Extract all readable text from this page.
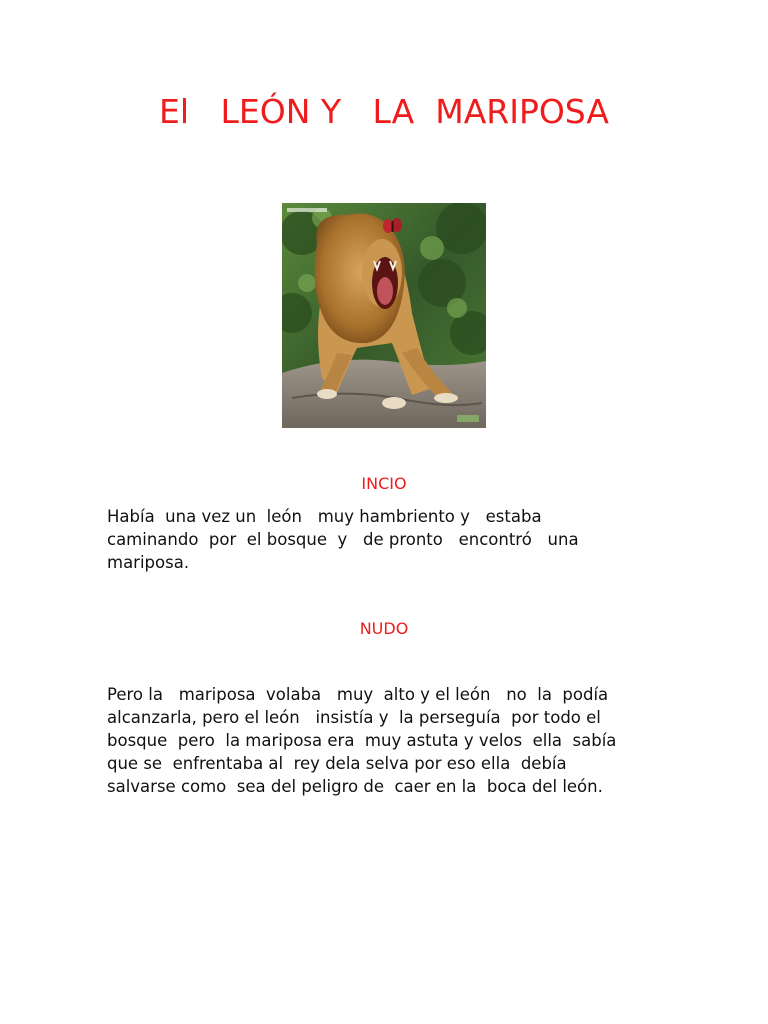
El   LEÓN Y   LA  MARIPOSA
INCIO

Había  una vez un  león   muy hambriento y   estaba
caminando  por  el bosque  y   de pronto   encontró   una
mariposa.

NUDO

Pero la   mariposa  volaba   muy  alto y el león   no  la  podía
alcanzarla, pero el león   insistía y  la perseguía  por todo el
bosque  pero  la mariposa era  muy astuta y velos  ella  sabía
que se  enfrentaba al  rey dela selva por eso ella  debía
salvarse como  sea del peligro de  caer en la  boca del león.
